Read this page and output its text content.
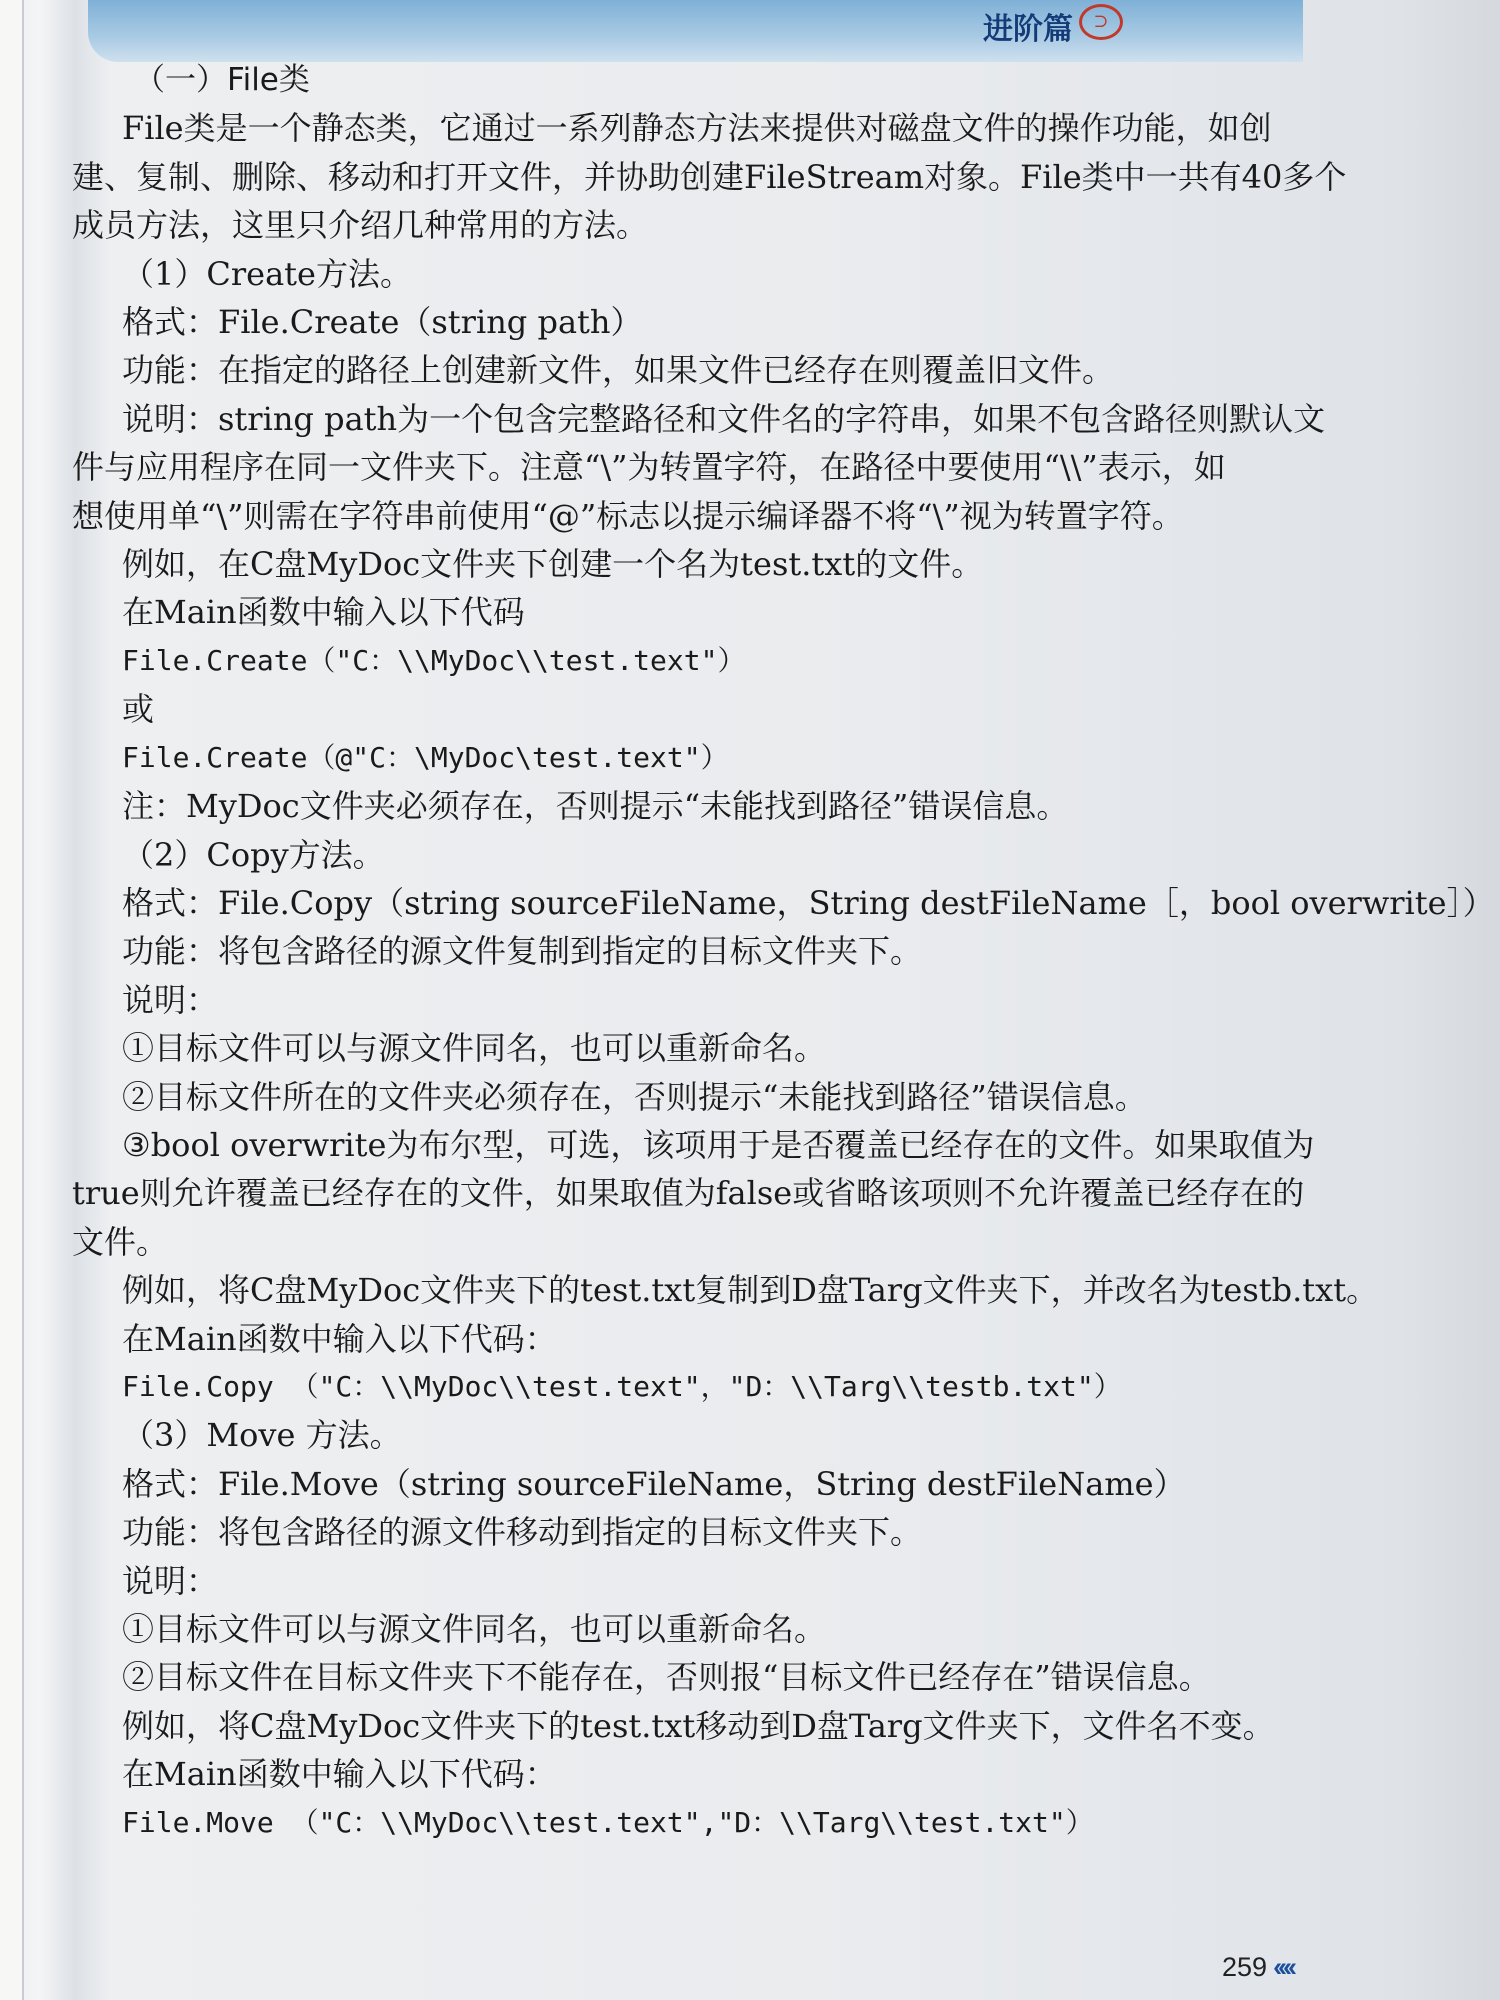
进阶篇	⊃
（一）File类
File类是一个静态类，它通过一系列静态方法来提供对磁盘文件的操作功能，如创
建、复制、删除、移动和打开文件，并协助创建FileStream对象。File类中一共有40多个
成员方法，这里只介绍几种常用的方法。
（1）Create方法。
格式：File.Create（string path）
功能：在指定的路径上创建新文件，如果文件已经存在则覆盖旧文件。
说明：string path为一个包含完整路径和文件名的字符串，如果不包含路径则默认文
件与应用程序在同一文件夹下。注意“\”为转置字符，在路径中要使用“\\”表示，如
想使用单“\”则需在字符串前使用“@”标志以提示编译器不将“\”视为转置字符。
例如，在C盘MyDoc文件夹下创建一个名为test.txt的文件。
在Main函数中输入以下代码
File.Create（"C：\\MyDoc\\test.text"）
或
File.Create（@"C：\MyDoc\test.text"）
注：MyDoc文件夹必须存在，否则提示“未能找到路径”错误信息。
（2）Copy方法。
格式：File.Copy（string sourceFileName，String destFileName［，bool overwrite］）
功能：将包含路径的源文件复制到指定的目标文件夹下。
说明：
①目标文件可以与源文件同名，也可以重新命名。
②目标文件所在的文件夹必须存在，否则提示“未能找到路径”错误信息。
③bool overwrite为布尔型，可选，该项用于是否覆盖已经存在的文件。如果取值为
true则允许覆盖已经存在的文件，如果取值为false或省略该项则不允许覆盖已经存在的
文件。
例如，将C盘MyDoc文件夹下的test.txt复制到D盘Targ文件夹下，并改名为testb.txt。
在Main函数中输入以下代码：
File.Copy （"C：\\MyDoc\\test.text"，"D：\\Targ\\testb.txt"）
（3）Move 方法。
格式：File.Move（string sourceFileName，String destFileName）
功能：将包含路径的源文件移动到指定的目标文件夹下。
说明：
①目标文件可以与源文件同名，也可以重新命名。
②目标文件在目标文件夹下不能存在，否则报“目标文件已经存在”错误信息。
例如，将C盘MyDoc文件夹下的test.txt移动到D盘Targ文件夹下，文件名不变。
在Main函数中输入以下代码：
File.Move （"C：\\MyDoc\\test.text","D：\\Targ\\test.txt"）
259 ‹‹‹‹
